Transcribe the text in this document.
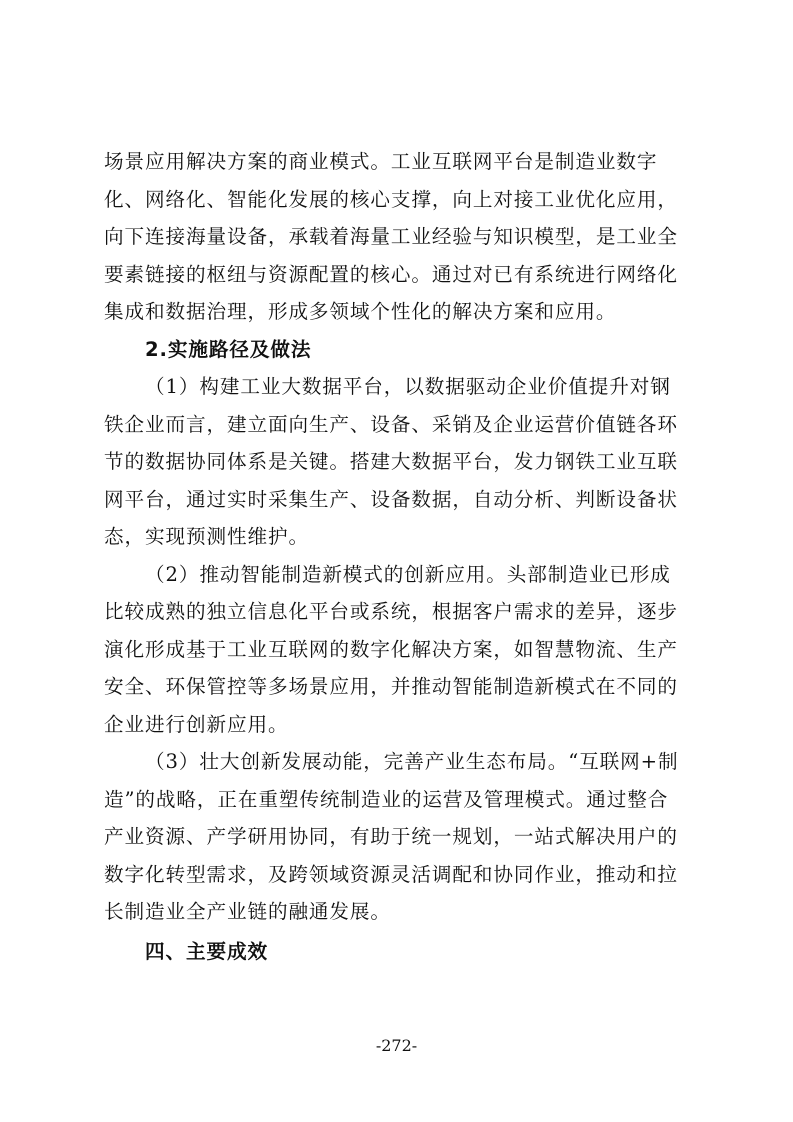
场景应用解决方案的商业模式。工业互联网平台是制造业数字
化、网络化、智能化发展的核心支撑，向上对接工业优化应用，
向下连接海量设备，承载着海量工业经验与知识模型，是工业全
要素链接的枢纽与资源配置的核心。通过对已有系统进行网络化
集成和数据治理，形成多领域个性化的解决方案和应用。
2.实施路径及做法
（1）构建工业大数据平台，以数据驱动企业价值提升对钢
铁企业而言，建立面向生产、设备、采销及企业运营价值链各环
节的数据协同体系是关键。搭建大数据平台，发力钢铁工业互联
网平台，通过实时采集生产、设备数据，自动分析、判断设备状
态，实现预测性维护。
（2）推动智能制造新模式的创新应用。头部制造业已形成
比较成熟的独立信息化平台或系统，根据客户需求的差异，逐步
演化形成基于工业互联网的数字化解决方案，如智慧物流、生产
安全、环保管控等多场景应用，并推动智能制造新模式在不同的
企业进行创新应用。
（3）壮大创新发展动能，完善产业生态布局。“互联网+制
造”的战略，正在重塑传统制造业的运营及管理模式。通过整合
产业资源、产学研用协同，有助于统一规划，一站式解决用户的
数字化转型需求，及跨领域资源灵活调配和协同作业，推动和拉
长制造业全产业链的融通发展。
四、主要成效
-272-
